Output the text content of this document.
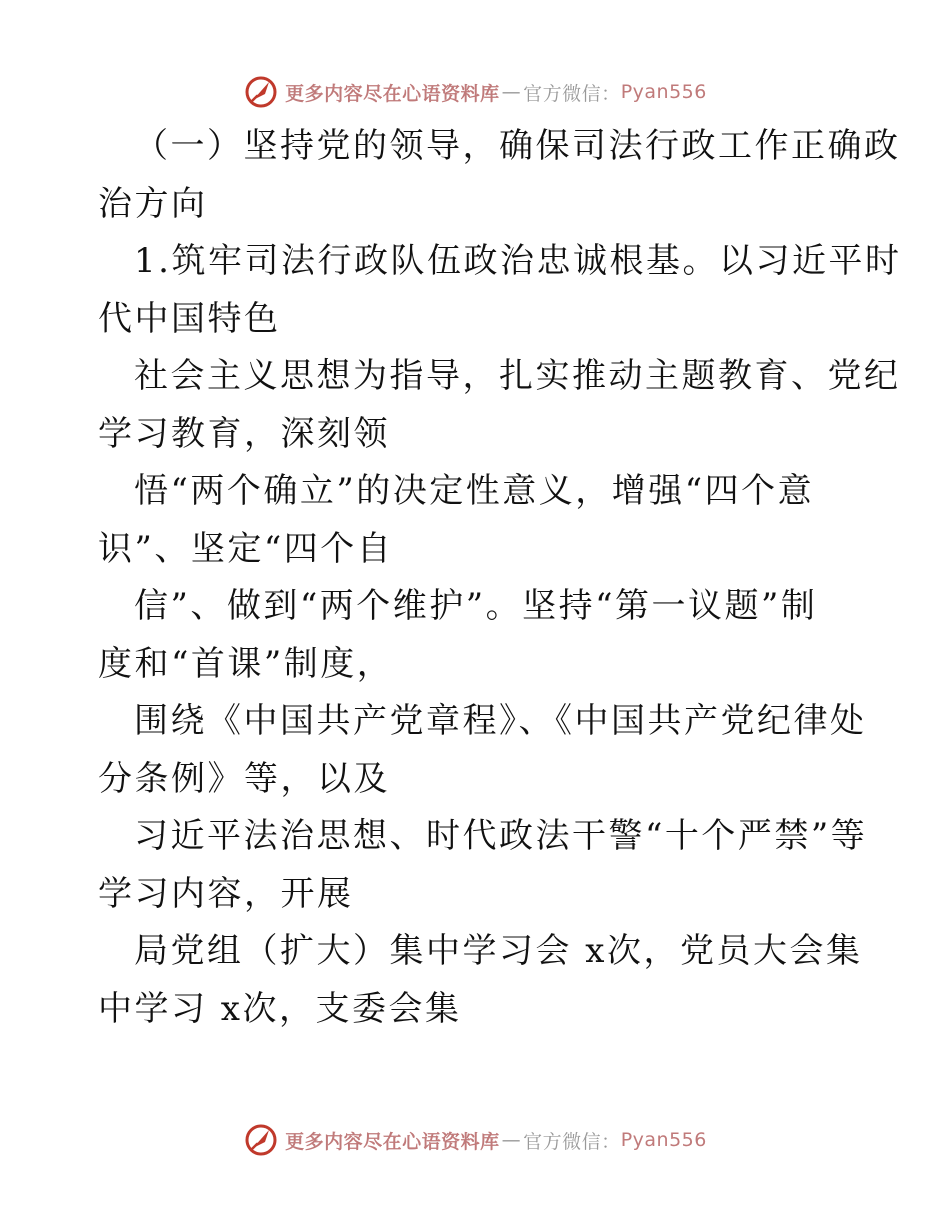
更多内容尽在心语资料库 — 官方微信： Pyan556

（一）坚持党的领导，确保司法行政工作正确政
治方向

1.筑牢司法行政队伍政治忠诚根基。以习近平时
代中国特色

社会主义思想为指导，扎实推动主题教育、党纪
学习教育，深刻领

悟“两个确立”的决定性意义，增强“四个意
识”、坚定“四个自

信”、做到“两个维护”。坚持“第一议题”制
度和“首课”制度，

围绕《中国共产党章程》、《中国共产党纪律处
分条例》等，以及

习近平法治思想、时代政法干警“十个严禁”等
学习内容，开展

局党组（扩大）集中学习会 x次，党员大会集
中学习 x次，支委会集

更多内容尽在心语资料库 — 官方微信： Pyan556
